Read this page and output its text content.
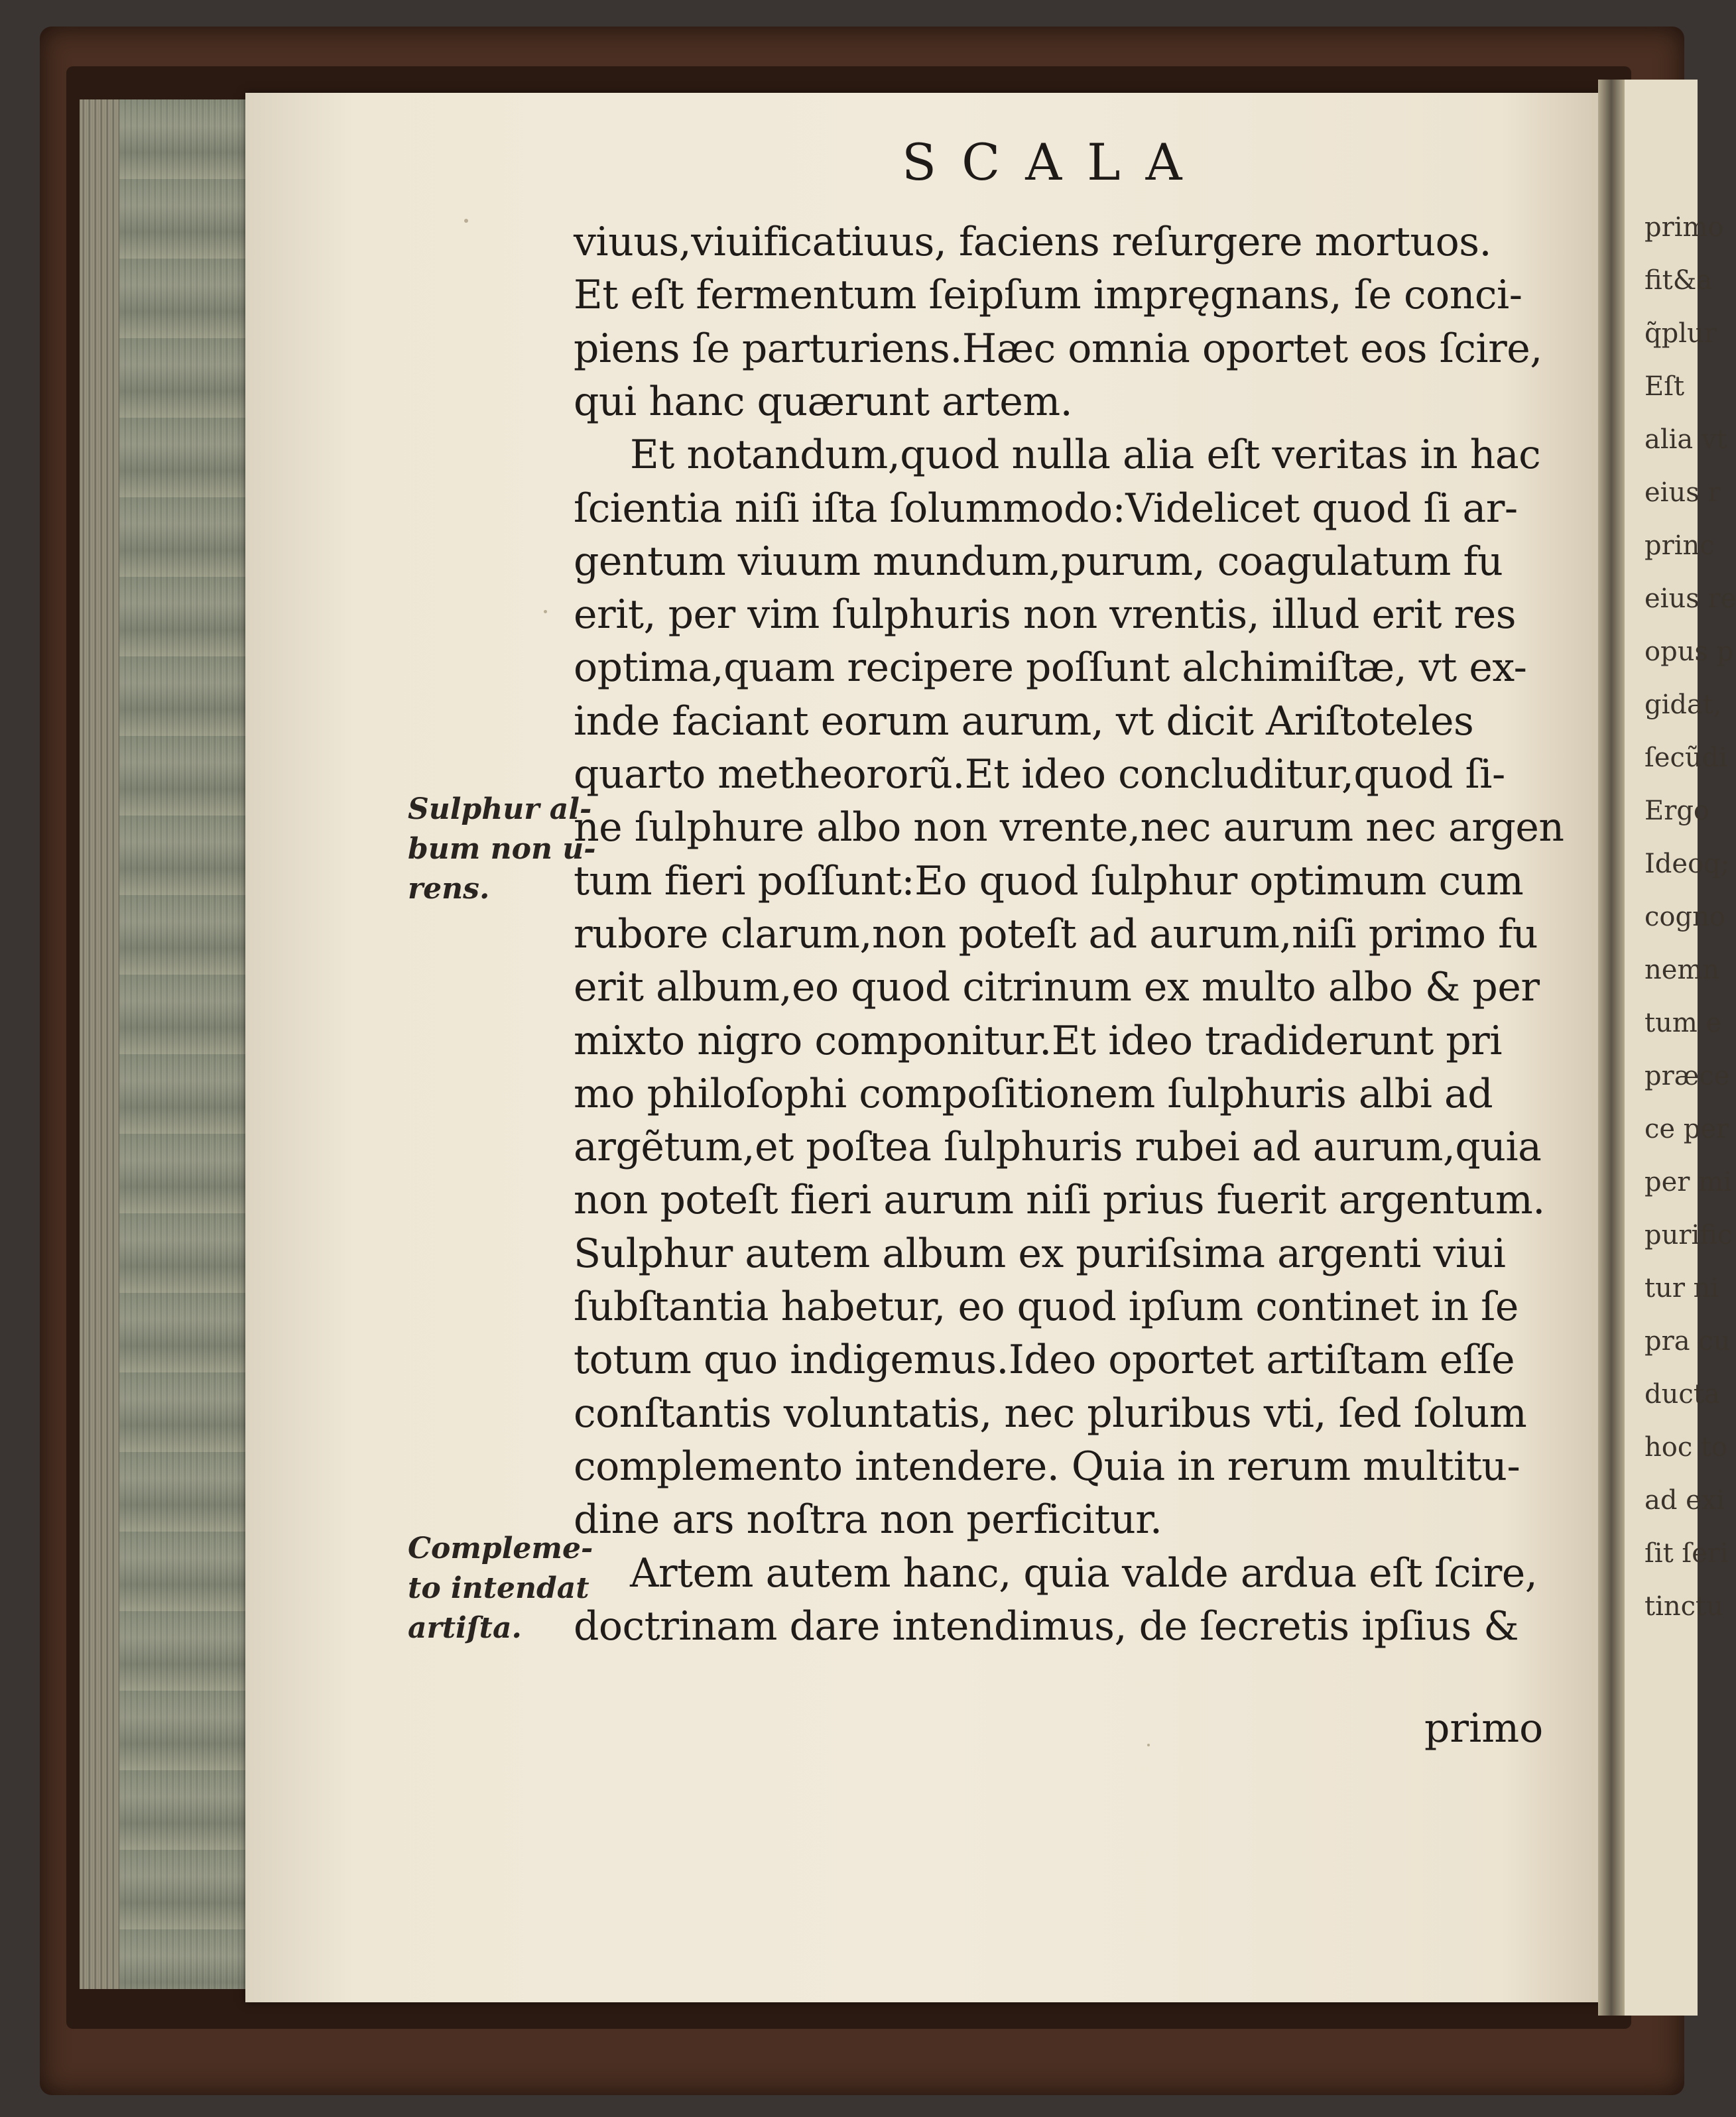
primo
fit&a
q̃plur
Eſt
alia vt
eius r
princ
eius re
opus p
gidat,
ſecũdi
Ergo
Ideoq;
cogno
nemn
tum e
præce
ce per
per mi
purific
tur ni
pra cu
ducta
hoc to
ad exi
ſit ſeri
tinctu
SCALA
viuus,viuificatiuus, faciens reſurgere mortuos.
Et eſt fermentum ſeipſum impręgnans, ſe conci-
piens ſe parturiens.Hæc omnia oportet eos ſcire,
qui hanc quærunt artem.
Et notandum,quod nulla alia eſt veritas in hac
ſcientia niſi iſta ſolummodo:Videlicet quod ſi ar-
gentum viuum mundum,purum, coagulatum fu
erit, per vim ſulphuris non vrentis, illud erit res
optima,quam recipere poſſunt alchimiſtæ, vt ex-
inde faciant eorum aurum, vt dicit Ariſtoteles
quarto metheororũ.Et ideo concluditur,quod ſi-
ne ſulphure albo non vrente,nec aurum nec argen
tum fieri poſſunt:Eo quod ſulphur optimum cum
rubore clarum,non poteſt ad aurum,niſi primo fu
erit album,eo quod citrinum ex multo albo & per
mixto nigro componitur.Et ideo tradiderunt pri
mo philoſophi compoſitionem ſulphuris albi ad
argẽtum,et poſtea ſulphuris rubei ad aurum,quia
non poteſt fieri aurum niſi prius fuerit argentum.
Sulphur autem album ex puriſsima argenti viui
ſubſtantia habetur, eo quod ipſum continet in ſe
totum quo indigemus.Ideo oportet artiſtam eſſe
conſtantis voluntatis, nec pluribus vti, ſed ſolum
complemento intendere. Quia in rerum multitu-
dine ars noſtra non perficitur.
Artem autem hanc, quia valde ardua eſt ſcire,
doctrinam dare intendimus, de ſecretis ipſius &
primo
Sulphur al-
bum non u-
rens.
Compleme-
to intendat
artiſta.
